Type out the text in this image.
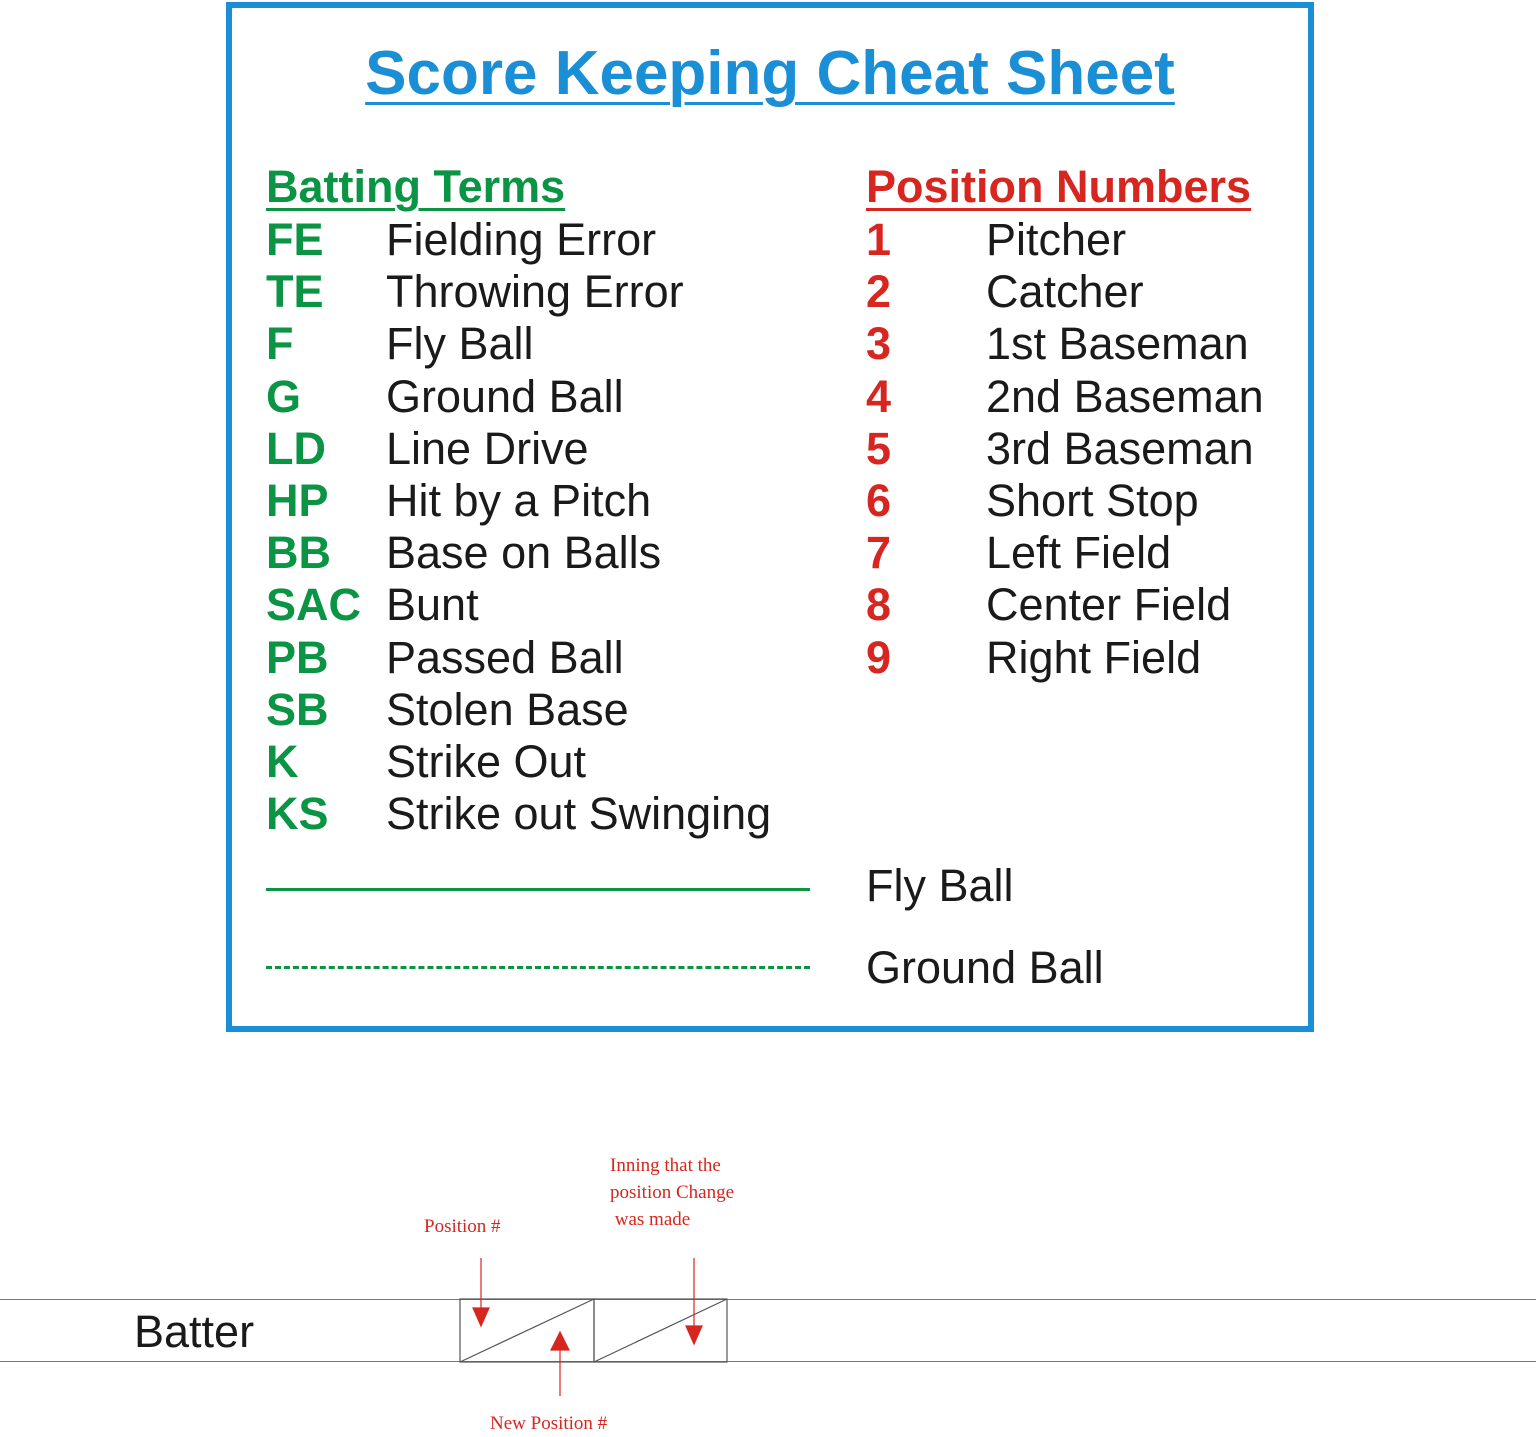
Score Keeping Cheat Sheet
Batting Terms
FE Fielding Error
TE Throwing Error
F Fly Ball
G Ground Ball
LD Line Drive
HP Hit by a Pitch
BB Base on Balls
SAC Bunt
PB Passed Ball
SB Stolen Base
K Strike Out
KS Strike out Swinging
Position Numbers
1 Pitcher
2 Catcher
3 1st Baseman
4 2nd Baseman
5 3rd Baseman
6 Short Stop
7 Left Field
8 Center Field
9 Right Field
Fly Ball
Ground Ball
Batter
Position #
Inning that the
position Change
was made
New Position #
